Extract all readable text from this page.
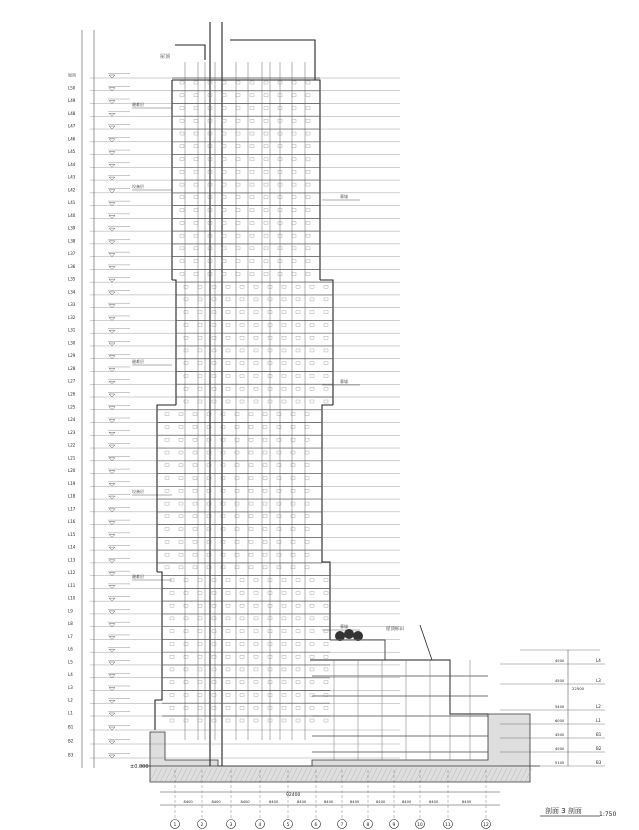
屋顶
L50
L49
L48
L47
L46
L45
L44
L43
L42
L41
L40
L39
L38
L37
L36
L35
L34
L33
L32
L31
L30
L29
L28
L27
L26
L25
L24
L23
L22
L21
L20
L19
L18
L17
L16
L15
L14
L13
L12
L11
L10
L9
L8
L7
L6
L5
L4
L3
L2
L1
B1
B2
B3
L4
4500
L3
4500
L2
5400
L1
6000
B1
4500
B2
4500
B3
5100
22500
1	2	3	4	5	6	7	8	9	10	11	12
8400	8400	8400	8400	8400	8400	8400	8400	8400	8400	8400
避难层
设备层
避难层
设备层
避难层
幕墙
幕墙
幕墙
屋顶
±0.000
屋顶标识
92400
剖面 3 剖面	1:750
